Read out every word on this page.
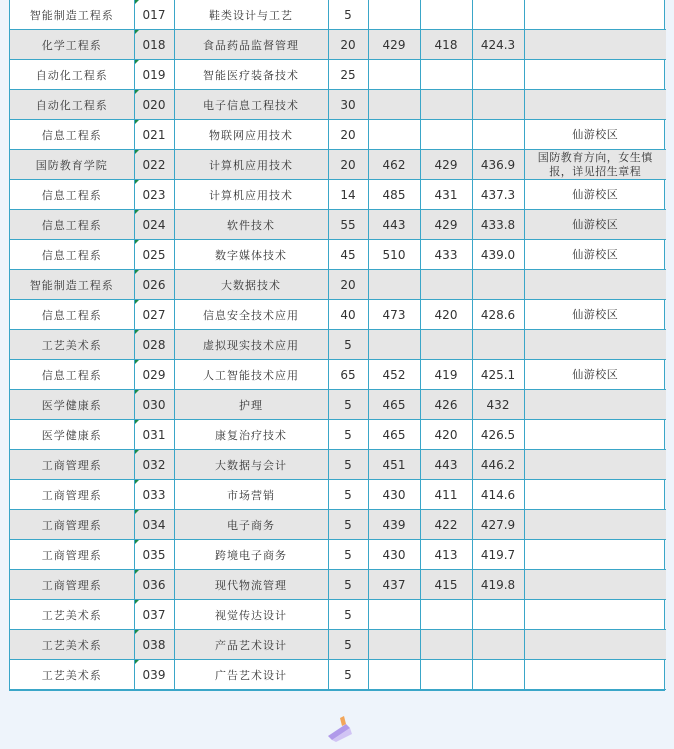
智能制造工程系	017	鞋类设计与工艺	5				
化学工程系	018	食品药品监督管理	20	429	418	424.3	
自动化工程系	019	智能医疗装备技术	25				
自动化工程系	020	电子信息工程技术	30				
信息工程系	021	物联网应用技术	20				仙游校区
国防教育学院	022	计算机应用技术	20	462	429	436.9	国防教育方向，女生慎报，详见招生章程
信息工程系	023	计算机应用技术	14	485	431	437.3	仙游校区
信息工程系	024	软件技术	55	443	429	433.8	仙游校区
信息工程系	025	数字媒体技术	45	510	433	439.0	仙游校区
智能制造工程系	026	大数据技术	20				
信息工程系	027	信息安全技术应用	40	473	420	428.6	仙游校区
工艺美术系	028	虚拟现实技术应用	5				
信息工程系	029	人工智能技术应用	65	452	419	425.1	仙游校区
医学健康系	030	护理	5	465	426	432	
医学健康系	031	康复治疗技术	5	465	420	426.5	
工商管理系	032	大数据与会计	5	451	443	446.2	
工商管理系	033	市场营销	5	430	411	414.6	
工商管理系	034	电子商务	5	439	422	427.9	
工商管理系	035	跨境电子商务	5	430	413	419.7	
工商管理系	036	现代物流管理	5	437	415	419.8	
工艺美术系	037	视觉传达设计	5				
工艺美术系	038	产品艺术设计	5				
工艺美术系	039	广告艺术设计	5				
